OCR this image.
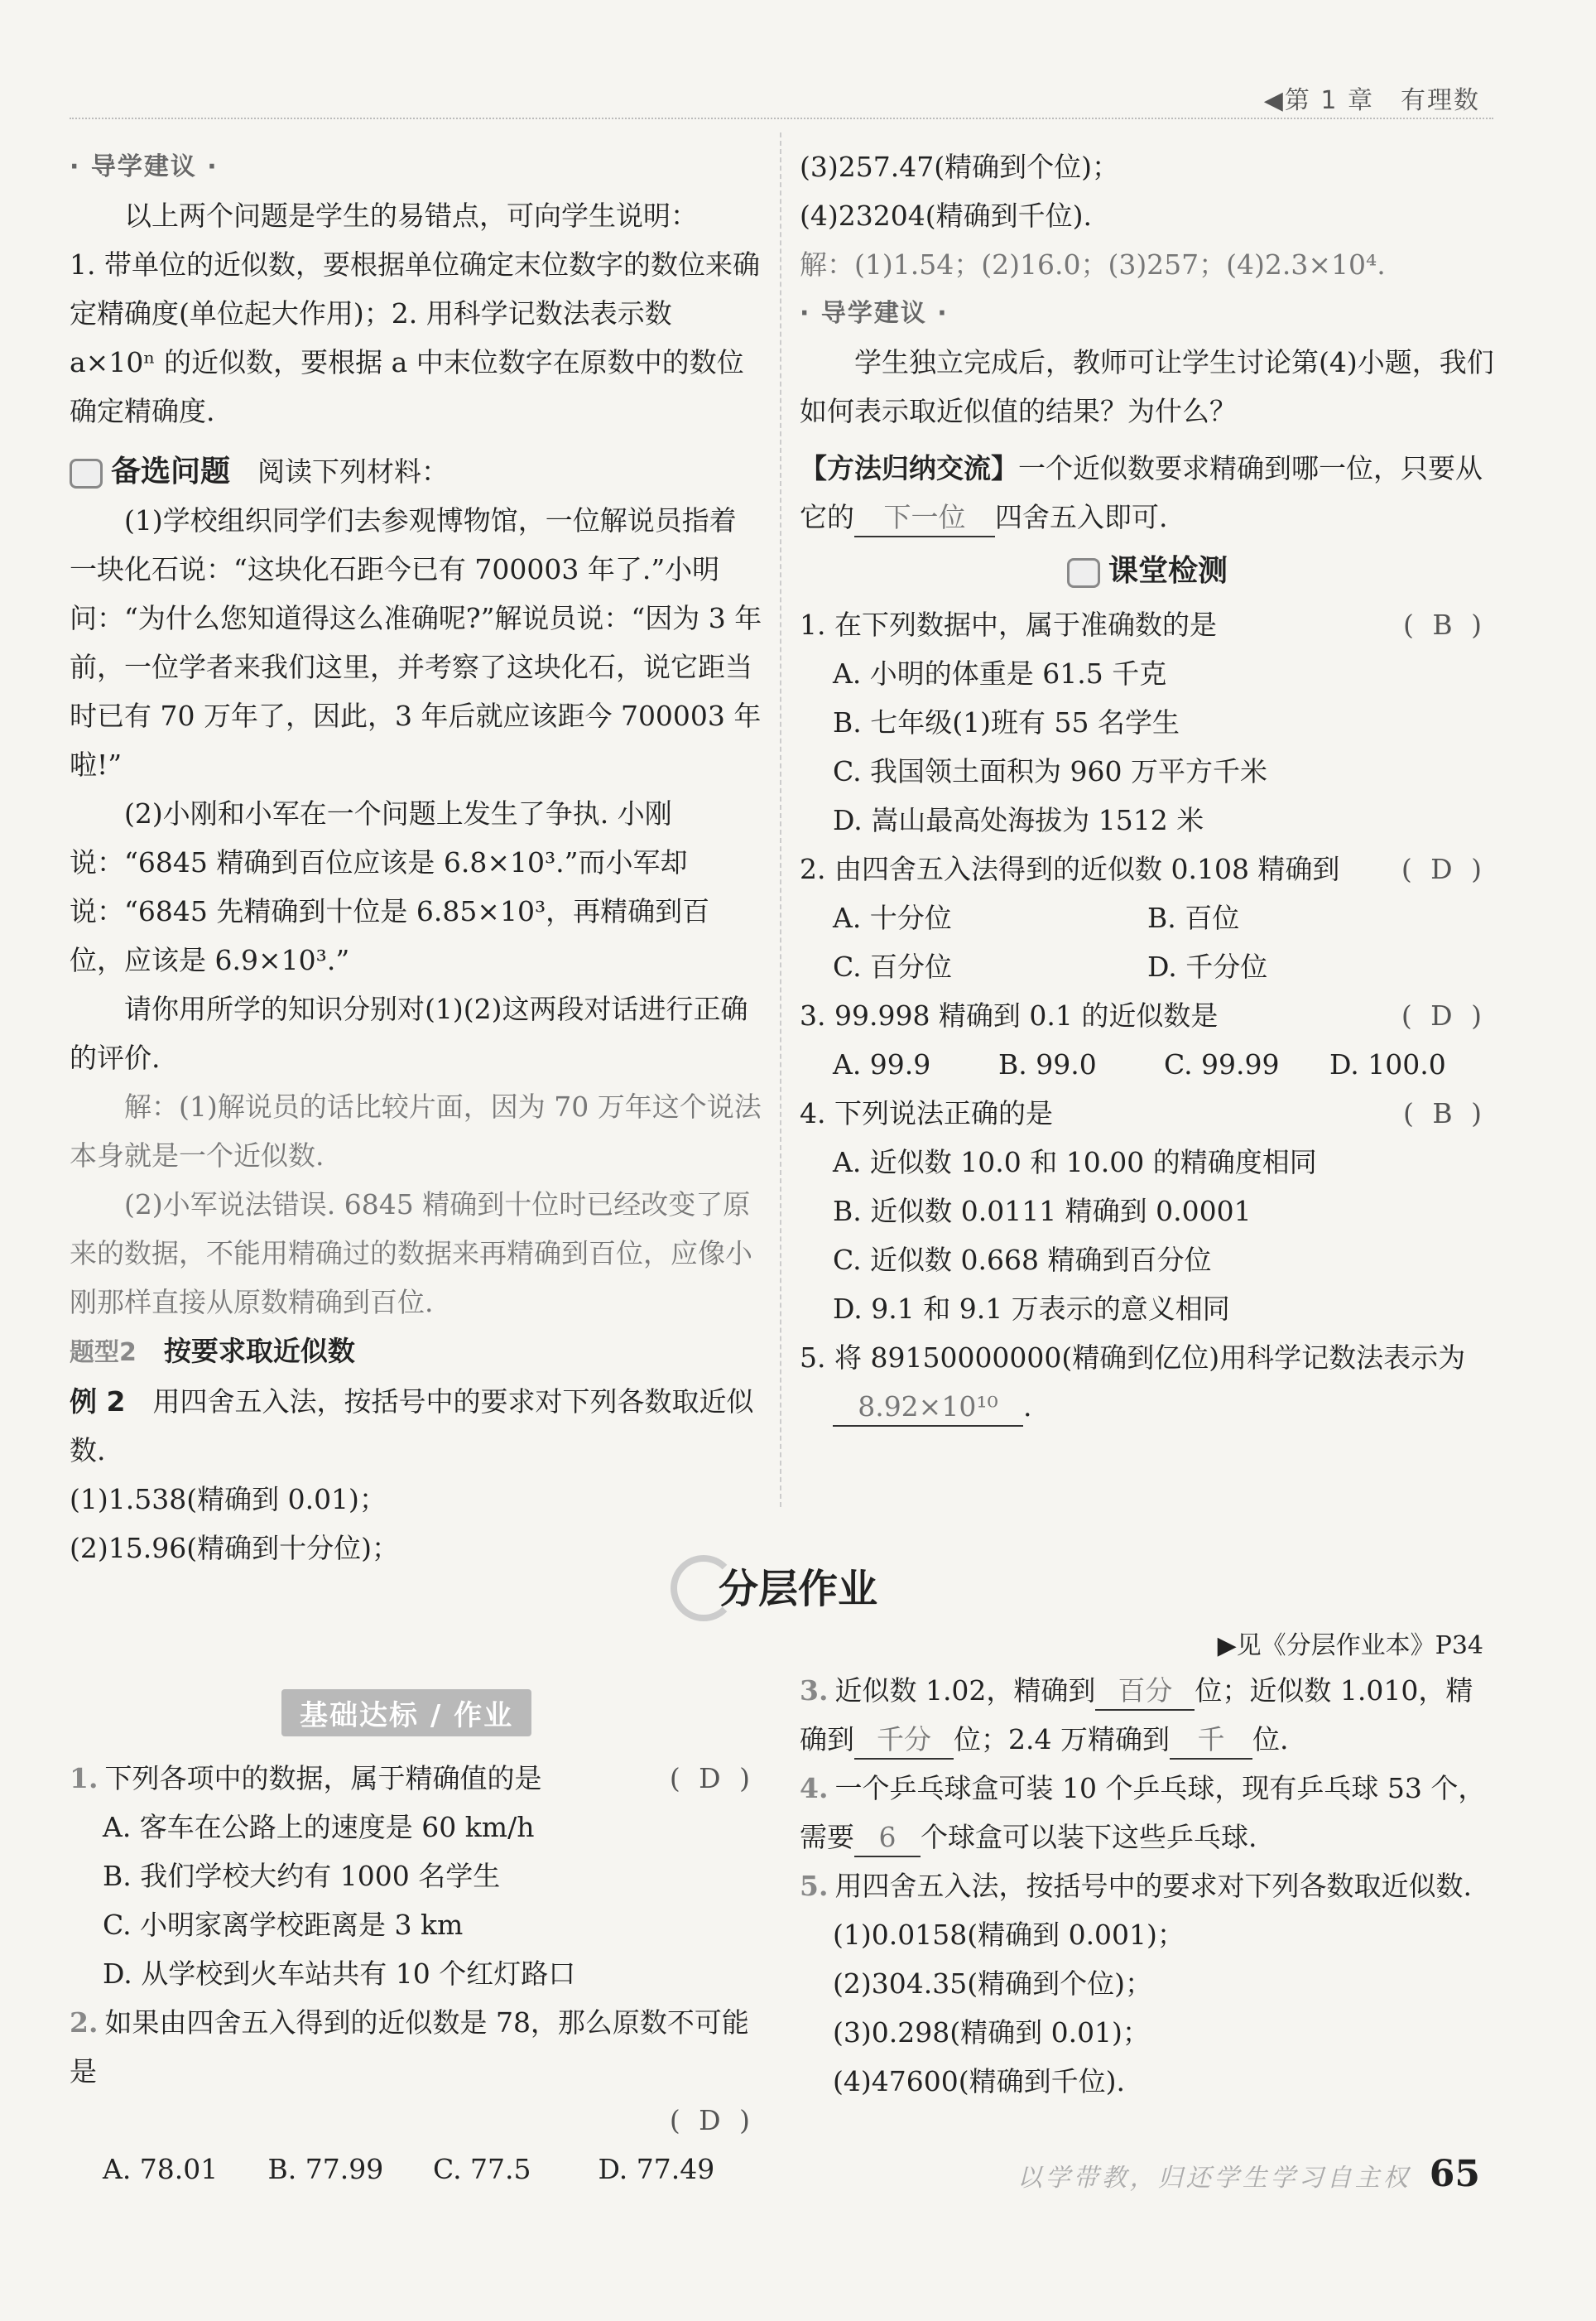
◀第 1 章　有理数

· 导学建议 ·

以上两个问题是学生的易错点，可向学生说明：

1. 带单位的近似数，要根据单位确定末位数字的数位来确定精确度(单位起大作用)；2. 用科学记数法表示数 a×10ⁿ 的近似数，要根据 a 中末位数字在原数中的数位确定精确度.

备选问题　 阅读下列材料：

(1)学校组织同学们去参观博物馆，一位解说员指着一块化石说：“这块化石距今已有 700003 年了.”小明问：“为什么您知道得这么准确呢?”解说员说：“因为 3 年前，一位学者来我们这里，并考察了这块化石，说它距当时已有 70 万年了，因此，3 年后就应该距今 700003 年啦!”

(2)小刚和小军在一个问题上发生了争执. 小刚说：“6845 精确到百位应该是 6.8×10³.”而小军却说：“6845 先精确到十位是 6.85×10³，再精确到百位，应该是 6.9×10³.”

请你用所学的知识分别对(1)(2)这两段对话进行正确的评价.

解：(1)解说员的话比较片面，因为 70 万年这个说法本身就是一个近似数.

(2)小军说法错误. 6845 精确到十位时已经改变了原来的数据，不能用精确过的数据来再精确到百位，应像小刚那样直接从原数精确到百位.

题型2　 按要求取近似数

例 2　 用四舍五入法，按括号中的要求对下列各数取近似数.

(1)1.538(精确到 0.01)；

(2)15.96(精确到十分位)；

(3)257.47(精确到个位)；

(4)23204(精确到千位).

解：(1)1.54；(2)16.0；(3)257；(4)2.3×10⁴.

· 导学建议 ·

学生独立完成后，教师可让学生讨论第(4)小题，我们如何表示取近似值的结果？为什么？

【方法归纳交流】一个近似数要求精确到哪一位，只要从它的 下一位 四舍五入即可.

课堂检测

1. 在下列数据中，属于准确数的是	( B )

A. 小明的体重是 61.5 千克

B. 七年级(1)班有 55 名学生

C. 我国领土面积为 960 万平方千米

D. 嵩山最高处海拔为 1512 米

2. 由四舍五入法得到的近似数 0.108 精确到 ( D )

A. 十分位	B. 百位

C. 百分位	D. 千分位

3. 99.998 精确到 0.1 的近似数是	( D )

A. 99.9	B. 99.0	C. 99.99	D. 100.0

4. 下列说法正确的是	( B )

A. 近似数 10.0 和 10.00 的精确度相同

B. 近似数 0.0111 精确到 0.0001

C. 近似数 0.668 精确到百分位

D. 9.1 和 9.1 万表示的意义相同

5. 将 89150000000(精确到亿位)用科学记数法表示为

8.92×10¹⁰ .

分层作业
▶见《分层作业本》P34
基础达标 / 作业

1. 下列各项中的数据，属于精确值的是	( D )

A. 客车在公路上的速度是 60 km/h

B. 我们学校大约有 1000 名学生

C. 小明家离学校距离是 3 km

D. 从学校到火车站共有 10 个红灯路口

2. 如果由四舍五入得到的近似数是 78，那么原数不可能是

( D )

A. 78.01	B. 77.99	C. 77.5	D. 77.49

3. 近似数 1.02，精确到 百分 位；近似数 1.010，精确到 千分 位；2.4 万精确到 千 位.

4. 一个乒乓球盒可装 10 个乒乓球，现有乒乓球 53 个，需要 6 个球盒可以装下这些乒乓球.

5. 用四舍五入法，按括号中的要求对下列各数取近似数.

(1)0.0158(精确到 0.001)；

(2)304.35(精确到个位)；

(3)0.298(精确到 0.01)；

(4)47600(精确到千位).

以学带教，归还学生学习自主权 65
